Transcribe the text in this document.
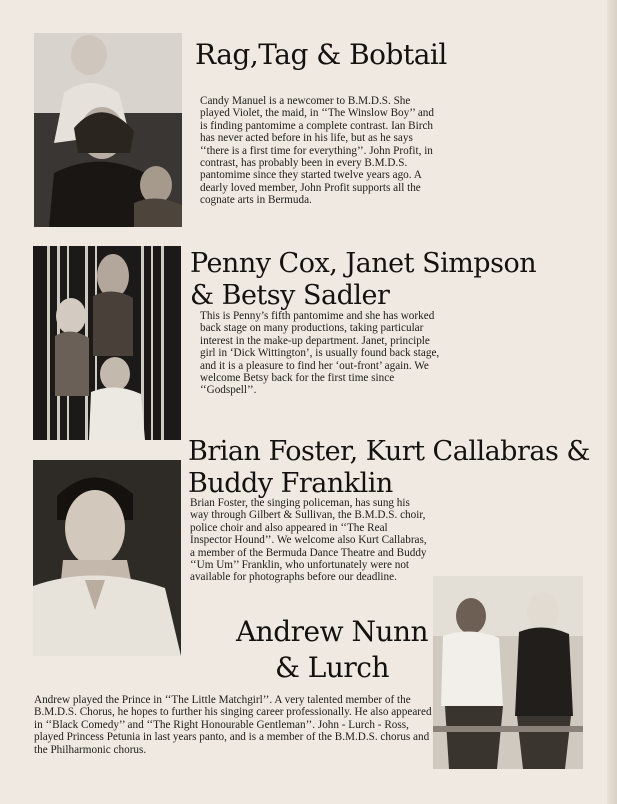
Rag,Tag & Bobtail

Candy Manuel is a newcomer to B.M.D.S. She played Violet, the maid, in ‘‘The Winslow Boy’’ and is finding pantomime a complete contrast. Ian Birch has never acted before in his life, but as he says ‘‘there is a first time for everything’’. John Profit, in contrast, has probably been in every B.M.D.S. pantomime since they started twelve years ago. A dearly loved member, John Profit supports all the cognate arts in Bermuda.

Penny Cox, Janet Simpson
& Betsy Sadler

This is Penny’s fifth pantomime and she has worked back stage on many productions, taking particular interest in the make-up department. Janet, principle girl in ‘Dick Wittington’, is usually found back stage, and it is a pleasure to find her ‘out-front’ again. We welcome Betsy back for the first time since ‘‘Godspell’’.

Brian Foster, Kurt Callabras &
Buddy Franklin

Brian Foster, the singing policeman, has sung his way through Gilbert & Sullivan, the B.M.D.S. choir, police choir and also appeared in ‘‘The Real Inspector Hound’’. We welcome also Kurt Callabras, a member of the Bermuda Dance Theatre and Buddy ‘‘Um Um’’ Franklin, who unfortunately were not available for photographs before our deadline.

Andrew Nunn
& Lurch

Andrew played the Prince in ‘‘The Little Matchgirl’’. A very talented member of the B.M.D.S. Chorus, he hopes to further his singing career professionally. He also appeared in ‘‘Black Comedy’’ and ‘‘The Right Honourable Gentleman’’. John - Lurch - Ross, played Princess Petunia in last years panto, and is a member of the B.M.D.S. chorus and the Philharmonic chorus.
